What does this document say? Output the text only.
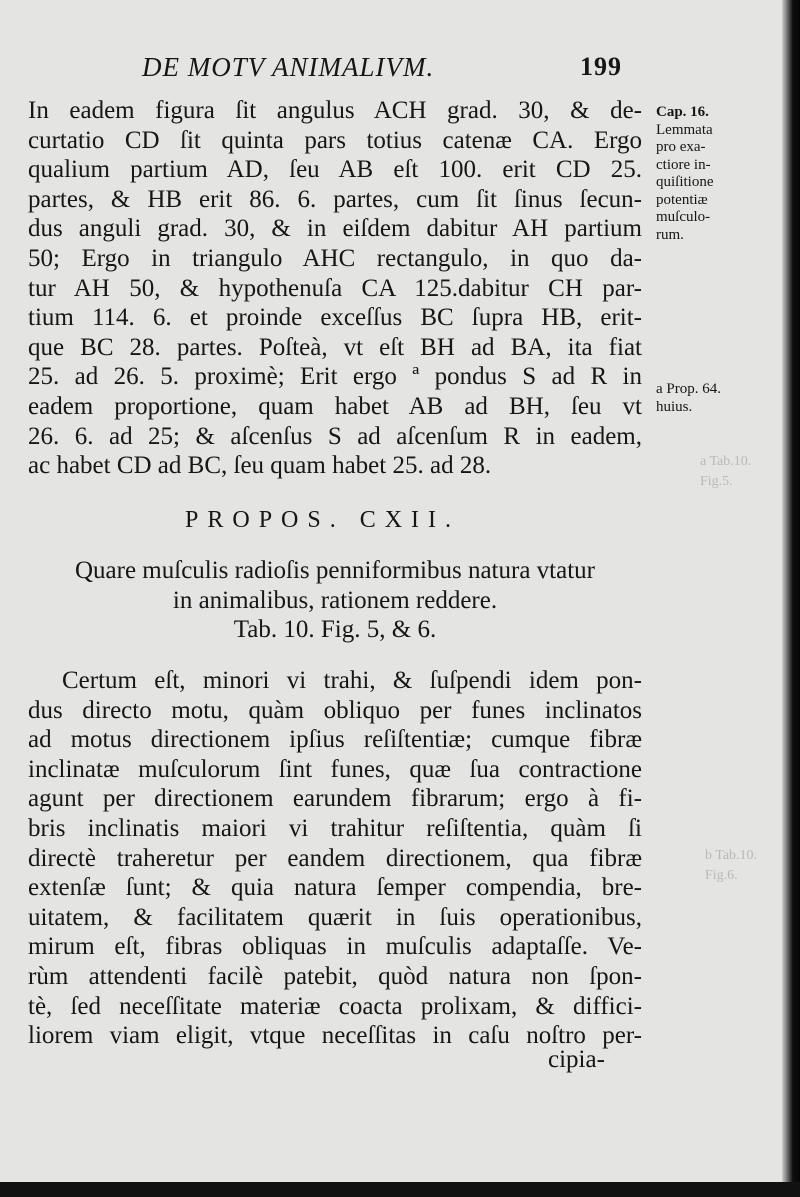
a Tab.10.
Fig.5.
b Tab.10.
Fig.6.
DE MOTV ANIMALIVM.	199
In eadem figura ſit angulus ACH grad. 30, & de-
curtatio CD ſit quinta pars totius catenæ CA. Ergo
qualium partium AD, ſeu AB eſt 100. erit CD 25.
partes, & HB erit 86. 6. partes, cum ſit ſinus ſecun-
dus anguli grad. 30, & in eiſdem dabitur AH partium
50; Ergo in triangulo AHC rectangulo, in quo da-
tur AH 50, & hypothenuſa CA 125.dabitur CH par-
tium 114. 6. et proinde exceſſus BC ſupra HB, erit-
que BC 28. partes. Poſteà, vt eſt BH ad BA, ita fiat
25. ad 26. 5. proximè; Erit ergo ª pondus S ad R in
eadem proportione, quam habet AB ad BH, ſeu vt
26. 6. ad 25; & aſcenſus S ad aſcenſum R in eadem,
ac habet CD ad BC, ſeu quam habet 25. ad 28.
PROPOS. CXII.
Quare muſculis radioſis penniformibus natura vtatur
in animalibus, rationem reddere.
Tab. 10. Fig. 5, & 6.
Certum eſt, minori vi trahi, & ſuſpendi idem pon-
dus directo motu, quàm obliquo per funes inclinatos
ad motus directionem ipſius reſiſtentiæ; cumque fibræ
inclinatæ muſculorum ſint funes, quæ ſua contractione
agunt per directionem earundem fibrarum; ergo à fi-
bris inclinatis maiori vi trahitur reſiſtentia, quàm ſi
directè traheretur per eandem directionem, qua fibræ
extenſæ ſunt; & quia natura ſemper compendia, bre-
uitatem, & facilitatem quærit in ſuis operationibus,
mirum eſt, fibras obliquas in muſculis adaptaſſe. Ve-
rùm attendenti facilè patebit, quòd natura non ſpon-
tè, ſed neceſſitate materiæ coacta prolixam, & diffici-
liorem viam eligit, vtque neceſſitas in caſu noſtro per-
cipia-
Cap. 16.
Lemmata
pro exa-
ctiore in-
quiſitione
potentiæ
muſculo-
rum.
a Prop. 64.
huius.
